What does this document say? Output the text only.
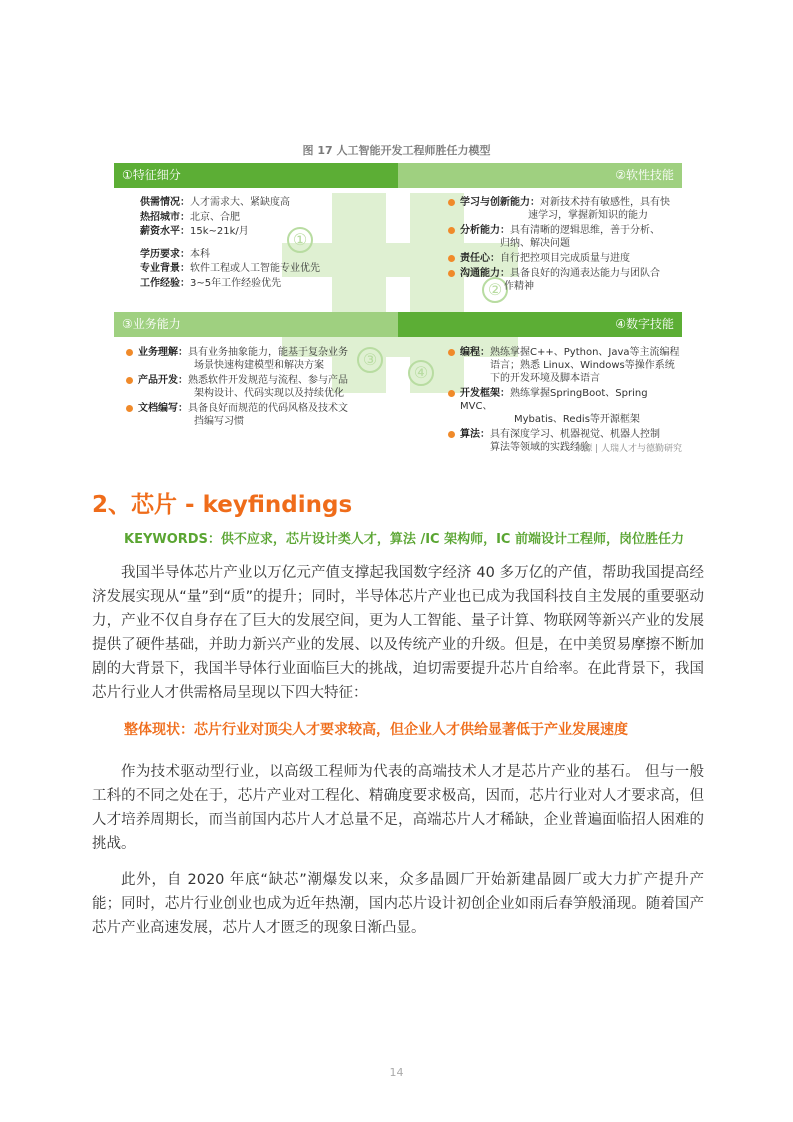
图 17 人工智能开发工程师胜任力模型
①特征细分	②软性技能
③业务能力	④数字技能
①
②
③
④
供需情况：人才需求大、紧缺度高
热招城市：北京、合肥
薪资水平：15k~21k/月
学历要求：本科
专业背景：软件工程或人工智能专业优先
工作经验：3~5年工作经验优先
学习与创新能力：对新技术持有敏感性，具有快
速学习，掌握新知识的能力
分析能力：具有清晰的逻辑思维，善于分析、
归纳、解决问题
责任心：自行把控项目完成质量与进度
沟通能力：具备良好的沟通表达能力与团队合
作精神
业务理解：具有业务抽象能力，能基于复杂业务
场景快速构建模型和解决方案
产品开发：熟悉软件开发规范与流程、参与产品
架构设计、代码实现以及持续优化
文档编写：具备良好而规范的代码风格及技术文
挡编写习惯
编程：熟练掌握C++、Python、Java等主流编程
语言；熟悉 Linux、Windows等操作系统
下的开发环境及脚本语言
开发框架：熟练掌握SpringBoot、Spring MVC、
Mybatis、Redis等开源框架
算法：具有深度学习、机器视觉、机器人控制
算法等领域的实践经验
来源 | 人瑞人才与德勤研究
2、芯片 - keyfindings
KEYWORDS：供不应求，芯片设计类人才，算法 /IC 架构师，IC 前端设计工程师，岗位胜任力
我国半导体芯片产业以万亿元产值支撑起我国数字经济 40 多万亿的产值，帮助我国提高经济发展实现从“量”到“质”的提升；同时，半导体芯片产业也已成为我国科技自主发展的重要驱动力，产业不仅自身存在了巨大的发展空间，更为人工智能、量子计算、物联网等新兴产业的发展提供了硬件基础，并助力新兴产业的发展、以及传统产业的升级。但是，在中美贸易摩擦不断加剧的大背景下，我国半导体行业面临巨大的挑战，迫切需要提升芯片自给率。在此背景下，我国芯片行业人才供需格局呈现以下四大特征：
整体现状：芯片行业对顶尖人才要求较高，但企业人才供给显著低于产业发展速度
作为技术驱动型行业，以高级工程师为代表的高端技术人才是芯片产业的基石。 但与一般工科的不同之处在于，芯片产业对工程化、精确度要求极高，因而，芯片行业对人才要求高，但人才培养周期长，而当前国内芯片人才总量不足，高端芯片人才稀缺，企业普遍面临招人困难的挑战。
此外，自 2020 年底“缺芯”潮爆发以来，众多晶圆厂开始新建晶圆厂或大力扩产提升产能；同时，芯片行业创业也成为近年热潮，国内芯片设计初创企业如雨后春笋般涌现。随着国产芯片产业高速发展，芯片人才匮乏的现象日渐凸显。
14
